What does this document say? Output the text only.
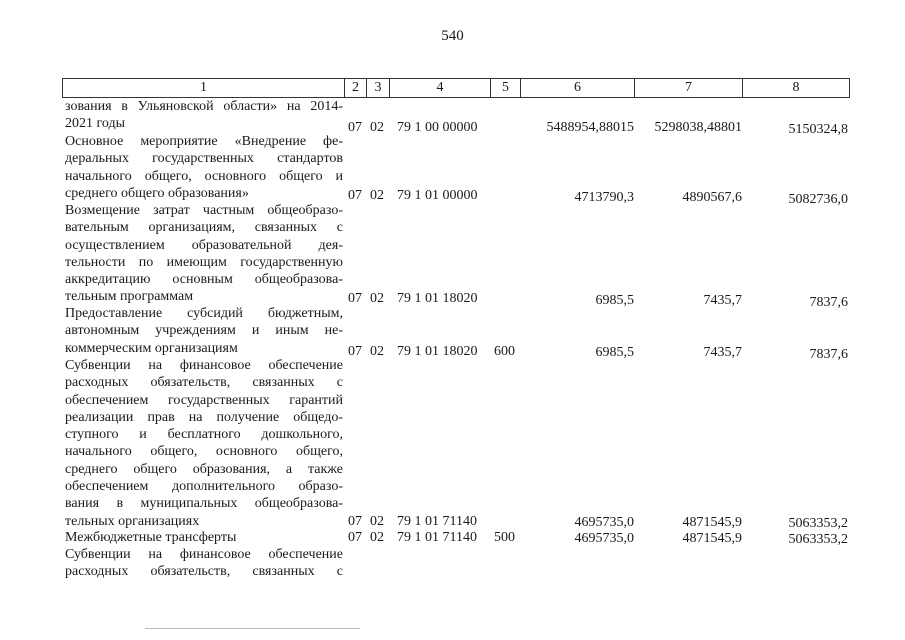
540
1	2	3	4	5	6	7	8
зования в Ульяновской области» на 2014-
2021 годы	07 02 79 1 00 00000	5488954,88015	5298038,48801	5150324,8
Основное мероприятие «Внедрение фе-
деральных государственных стандартов
начального общего, основного общего и
среднего общего образования»	07 02 79 1 01 00000	4713790,3	4890567,6	5082736,0
Возмещение затрат частным общеобразо-
вательным организациям, связанных с
осуществлением образовательной дея-
тельности по имеющим государственную
аккредитацию основным общеобразова-
тельным программам	07 02 79 1 01 18020	6985,5	7435,7	7837,6
Предоставление субсидий бюджетным,
автономным учреждениям и иным не-
коммерческим организациям	07 02 79 1 01 18020	600	6985,5	7435,7	7837,6
Субвенции на финансовое обеспечение
расходных обязательств, связанных с
обеспечением государственных гарантий
реализации прав на получение общедо-
ступного и бесплатного дошкольного,
начального общего, основного общего,
среднего общего образования, а также
обеспечением дополнительного образо-
вания в муниципальных общеобразова-
тельных организациях	07 02 79 1 01 71140	4695735,0	4871545,9	5063353,2
Межбюджетные трансферты	07 02 79 1 01 71140	500	4695735,0	4871545,9	5063353,2
Субвенции на финансовое обеспечение
расходных обязательств, связанных с
